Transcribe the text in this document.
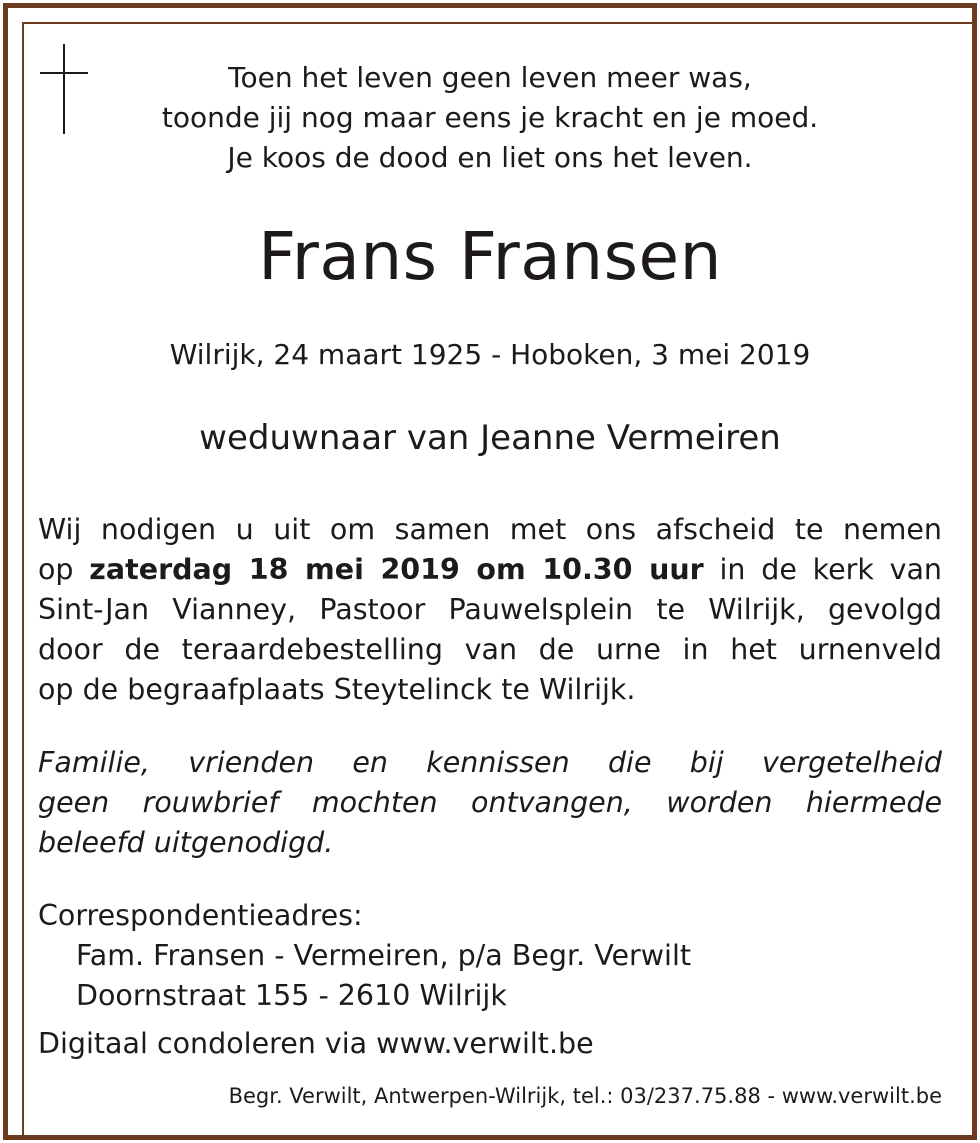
Toen het leven geen leven meer was,
toonde jij nog maar eens je kracht en je moed.
Je koos de dood en liet ons het leven.
Frans Fransen
Wilrijk, 24 maart 1925 - Hoboken, 3 mei 2019
weduwnaar van Jeanne Vermeiren
Wij nodigen u uit om samen met ons afscheid te nemen
op zaterdag 18 mei 2019 om 10.30 uur in de kerk van
Sint-Jan Vianney, Pastoor Pauwelsplein te Wilrijk, gevolgd
door de teraardebestelling van de urne in het urnenveld
op de begraafplaats Steytelinck te Wilrijk.
Familie, vrienden en kennissen die bij vergetelheid
geen rouwbrief mochten ontvangen, worden hiermede
beleefd uitgenodigd.
Correspondentieadres:
Fam. Fransen - Vermeiren, p/a Begr. Verwilt
Doornstraat 155 - 2610 Wilrijk
Digitaal condoleren via www.verwilt.be
Begr. Verwilt, Antwerpen-Wilrijk, tel.: 03/237.75.88 - www.verwilt.be
